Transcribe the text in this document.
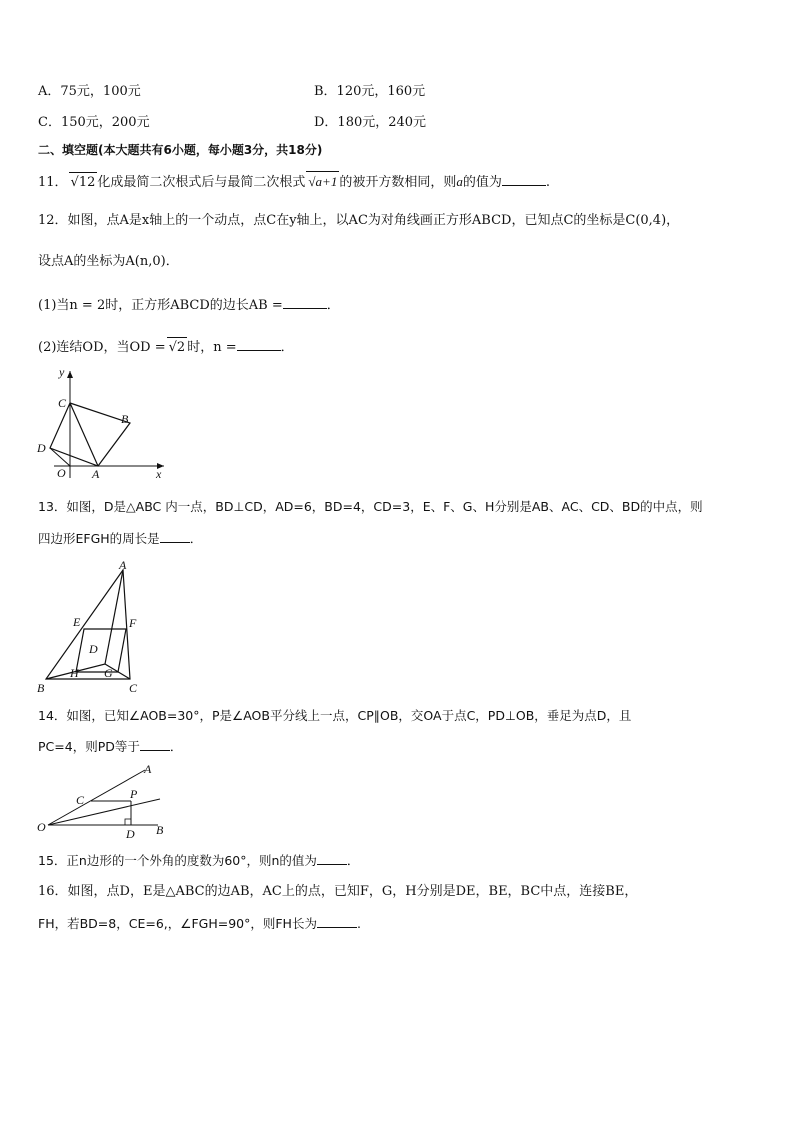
A．75元，100元	B．120元，160元
C．150元，200元	D．180元，240元
二、填空题(本大题共有6小题，每小题3分，共18分)
11． √12 化成最简二次根式后与最简二次根式 √a+1 的被开方数相同，则a的值为	.
12．如图，点A是x轴上的一个动点，点C在y轴上，以AC为对角线画正方形ABCD，已知点C的坐标是C(0,4)，
设点A的坐标为A(n,0)．
(1)当n = 2时，正方形ABCD的边长AB =	．
(2)连结OD，当OD = √2 时，n =	．
y
x
C
B
D
O A
13．如图，D是△ABC 内一点，BD⊥CD，AD=6，BD=4，CD=3，E、F、G、H分别是AB、AC、CD、BD的中点，则
四边形EFGH的周长是 ．
A
E	F
D
H G
B	C
14．如图，已知∠AOB=30°，P是∠AOB平分线上一点，CP∥OB，交OA于点C，PD⊥OB，垂足为点D，且
PC=4，则PD等于 ．
A
C	P
O	D B
15．正n边形的一个外角的度数为60°，则n的值为 ．
16．如图，点D，E是△ABC的边AB，AC上的点，已知F，G，H分别是DE，BE，BC中点，连接BE，
FH，若BD=8，CE=6,，∠FGH=90°，则FH长为	.
